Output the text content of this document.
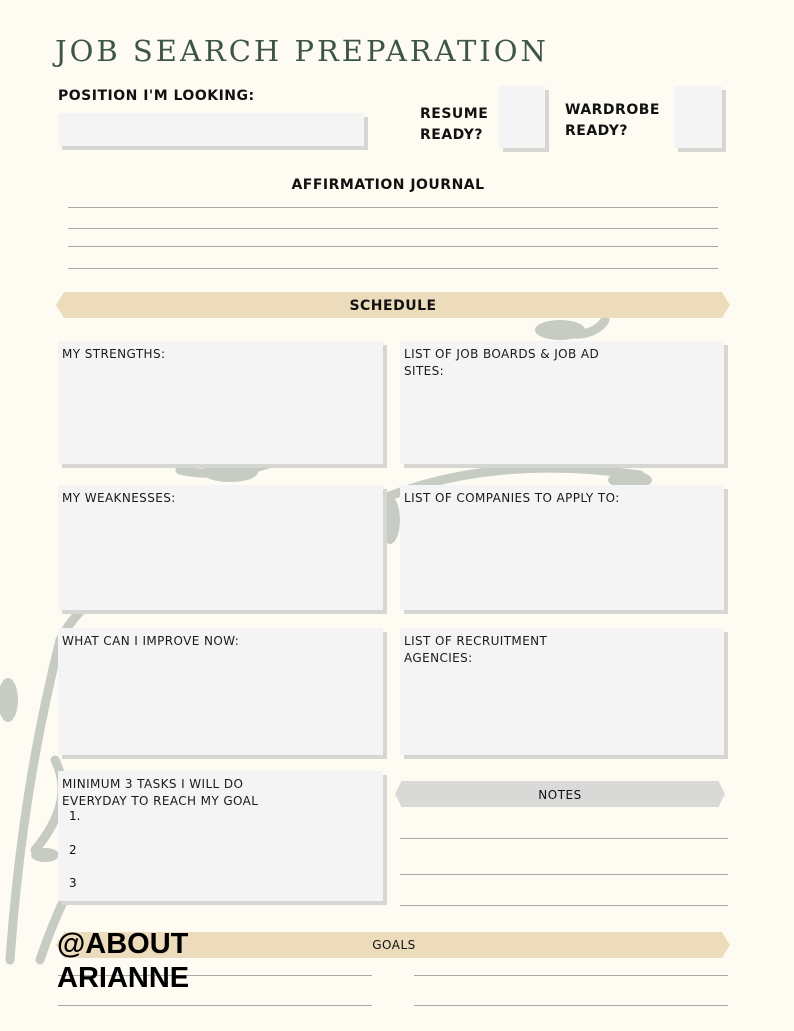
JOB SEARCH PREPARATION
POSITION I'M LOOKING:
RESUME
READY?
WARDROBE
READY?
AFFIRMATION JOURNAL
SCHEDULE
MY STRENGTHS:	LIST OF JOB BOARDS & JOB AD SITES:
MY WEAKNESSES:	LIST OF COMPANIES TO APPLY TO:
WHAT CAN I IMPROVE NOW:	LIST OF RECRUITMENT AGENCIES:
MINIMUM 3 TASKS I WILL DO EVERYDAY TO REACH MY GOAL
1.
2
3
NOTES
GOALS
@ABOUT
ARIANNE
